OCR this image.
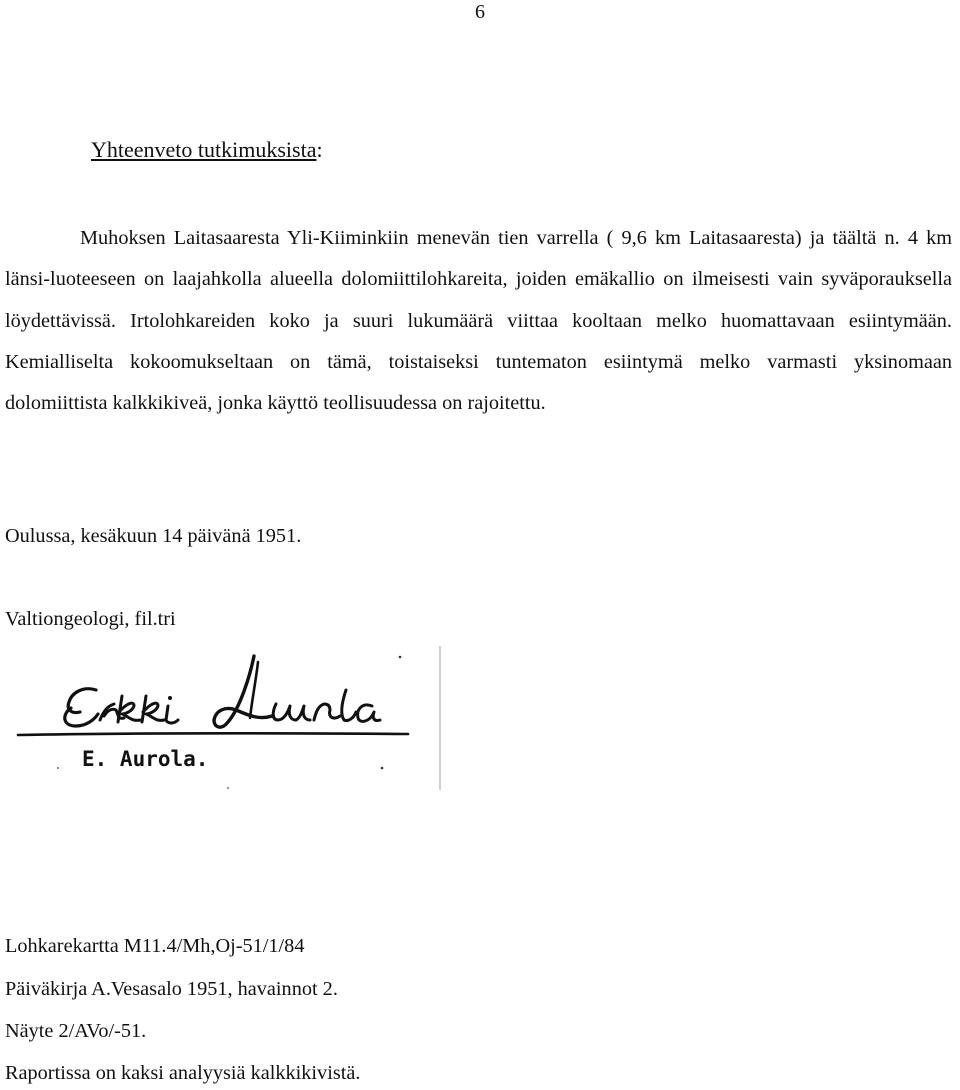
6
Yhteenveto tutkimuksista:

Muhoksen Laitasaaresta Yli-Kiiminkiin menevän tien varrella ( 9,6 km Laitasaaresta) ja täältä n. 4 km länsi-luoteeseen on laajahkolla alueella dolomiittilohkareita, joiden emäkallio on ilmeisesti vain syväporauksella löydettävissä. Irtolohkareiden koko ja suuri lukumäärä viittaa kooltaan melko huomattavaan esiintymään. Kemialliselta kokoomukseltaan on tämä, toistaiseksi tuntematon esiintymä melko varmasti yksinomaan dolomiittista kalkkikiveä, jonka käyttö teollisuudessa on rajoitettu.

Oulussa, kesäkuun 14 päivänä 1951.
Valtiongeologi, fil.tri
E. Aurola.
Lohkarekartta M11.4/Mh,Oj-51/1/84
Päiväkirja A.Vesasalo 1951, havainnot 2.
Näyte 2/AVo/-51.
Raportissa on kaksi analyysiä kalkkikivistä.
